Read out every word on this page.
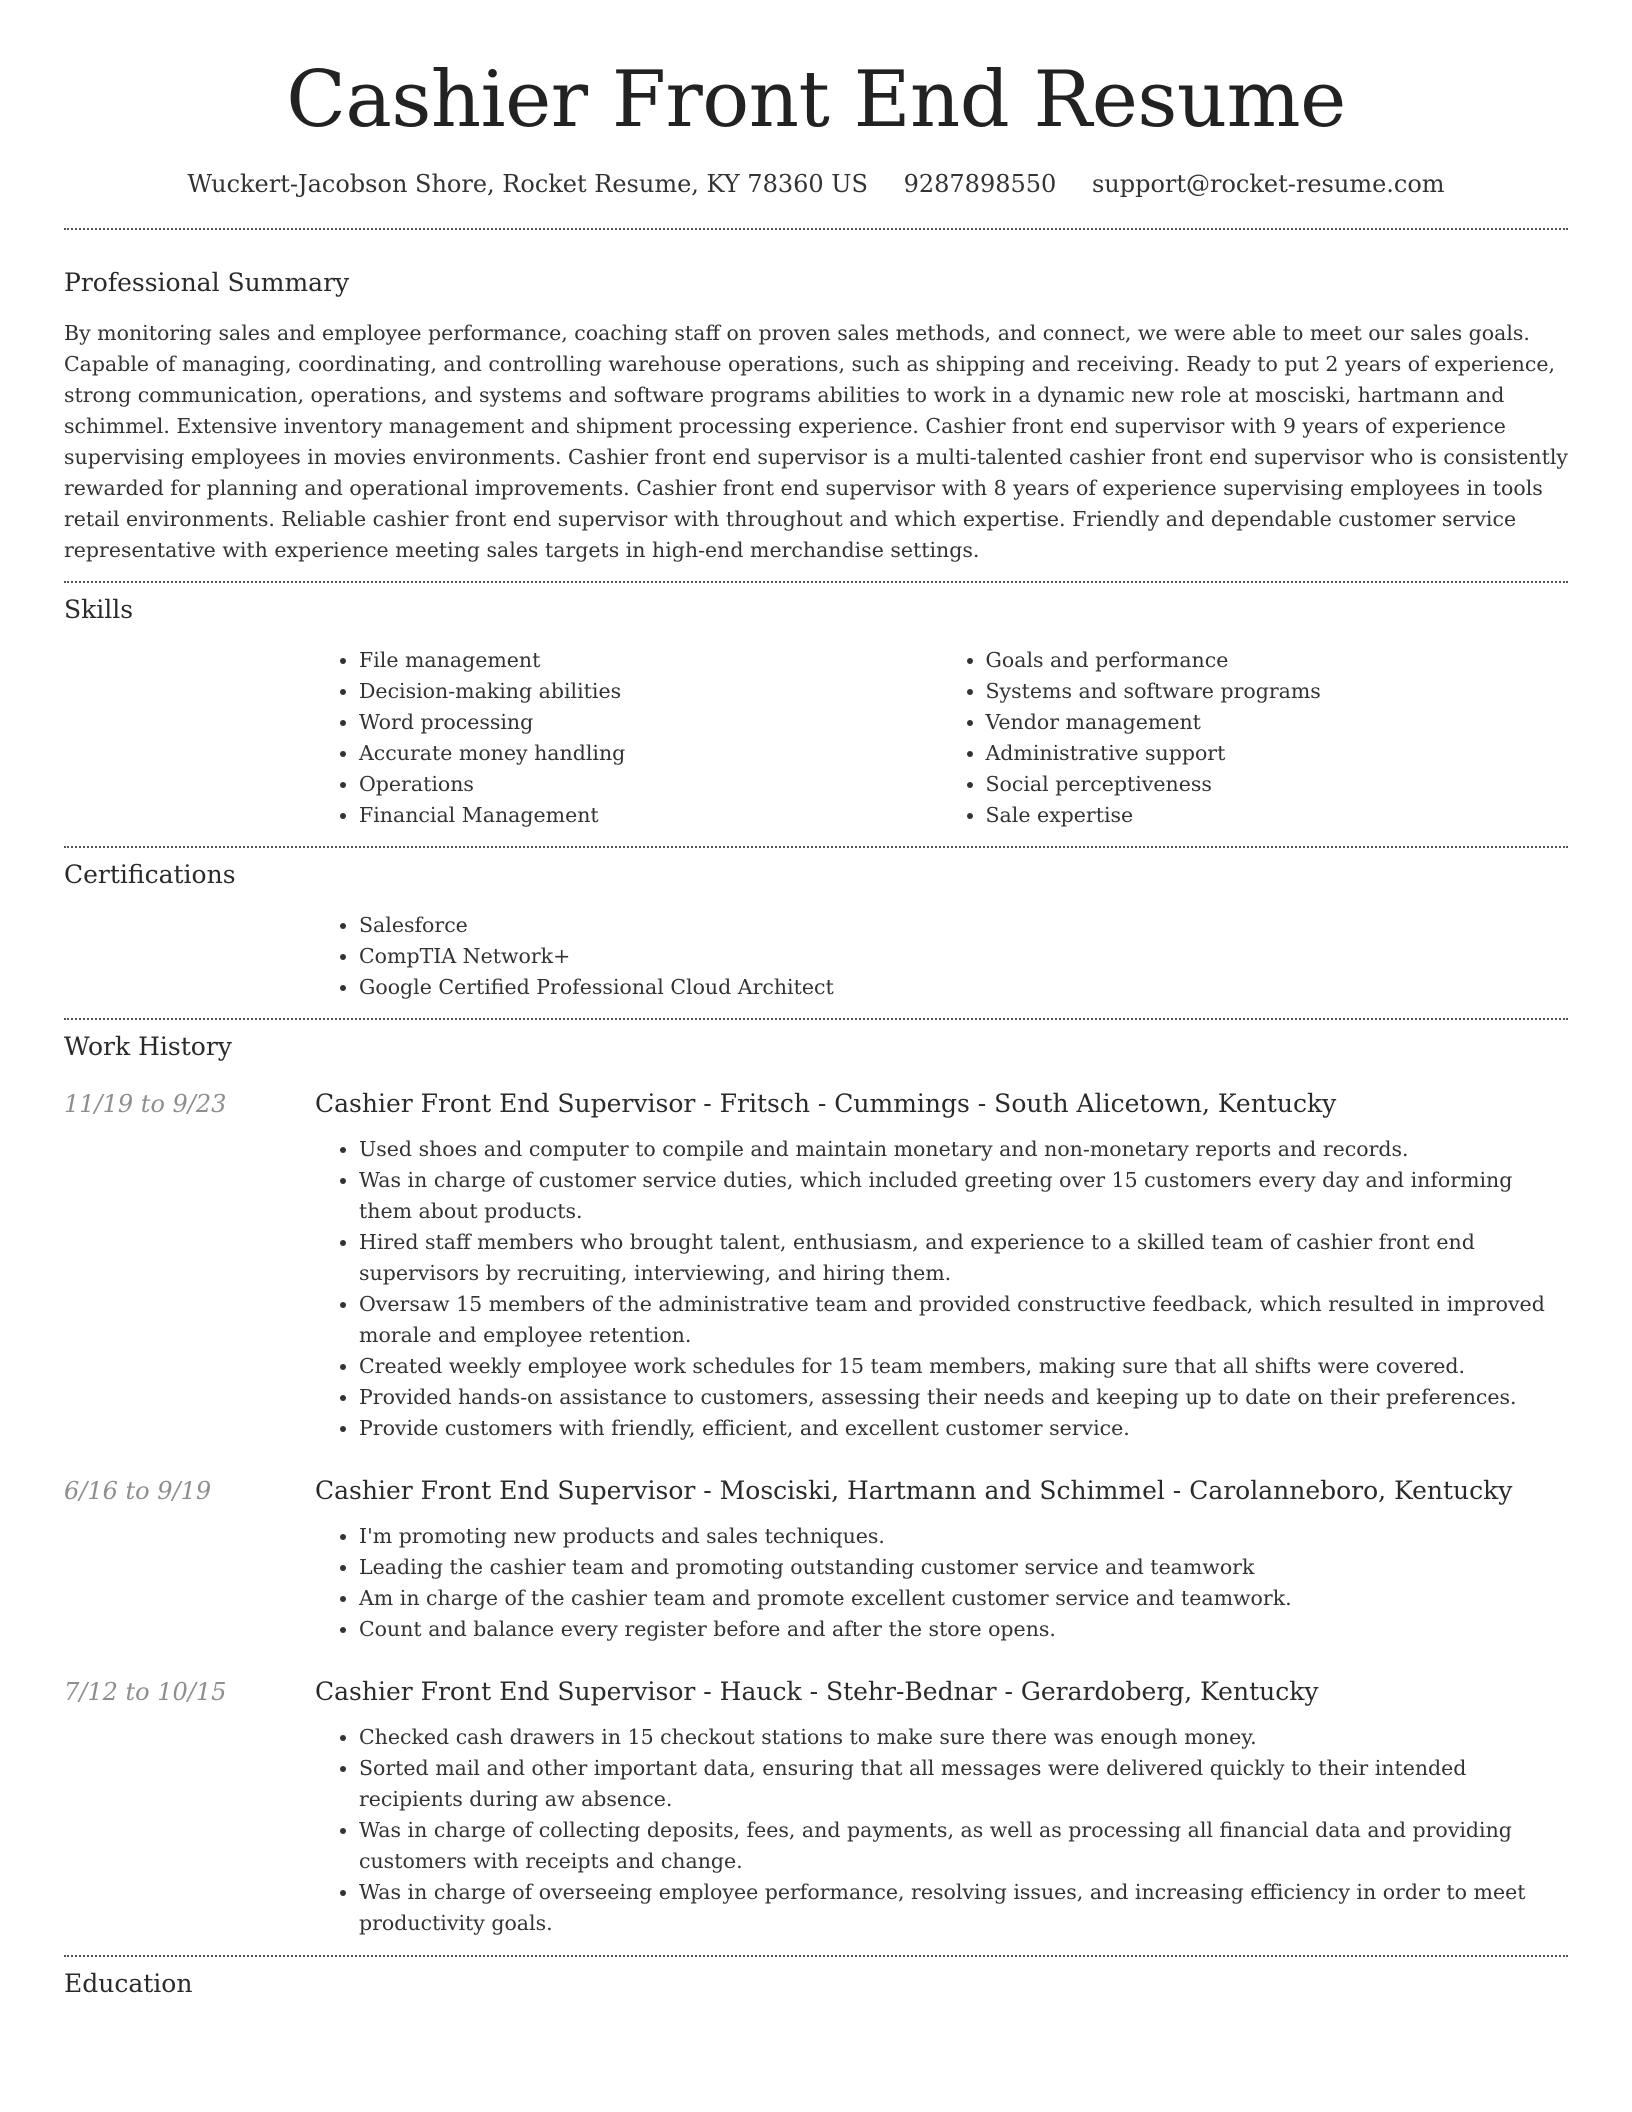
Cashier Front End Resume
Wuckert-Jacobson Shore, Rocket Resume, KY 78360 US 9287898550 support@rocket-resume.com
Professional Summary

By monitoring sales and employee performance, coaching staff on proven sales methods, and connect, we were able to meet our sales goals. Capable of managing, coordinating, and controlling warehouse operations, such as shipping and receiving. Ready to put 2 years of experience, strong communication, operations, and systems and software programs abilities to work in a dynamic new role at mosciski, hartmann and schimmel. Extensive inventory management and shipment processing experience. Cashier front end supervisor with 9 years of experience supervising employees in movies environments. Cashier front end supervisor is a multi-talented cashier front end supervisor who is consistently rewarded for planning and operational improvements. Cashier front end supervisor with 8 years of experience supervising employees in tools retail environments. Reliable cashier front end supervisor with throughout and which expertise. Friendly and dependable customer service representative with experience meeting sales targets in high-end merchandise settings.

Skills
• File management
• Decision-making abilities
• Word processing
• Accurate money handling
• Operations
• Financial Management
• Goals and performance
• Systems and software programs
• Vendor management
• Administrative support
• Social perceptiveness
• Sale expertise
Certifications
• Salesforce
• CompTIA Network+
• Google Certified Professional Cloud Architect
Work History
11/19 to 9/23	Cashier Front End Supervisor - Fritsch - Cummings - South Alicetown, Kentucky
• Used shoes and computer to compile and maintain monetary and non-monetary reports and records.
• Was in charge of customer service duties, which included greeting over 15 customers every day and informing them about products.
• Hired staff members who brought talent, enthusiasm, and experience to a skilled team of cashier front end supervisors by recruiting, interviewing, and hiring them.
• Oversaw 15 members of the administrative team and provided constructive feedback, which resulted in improved morale and employee retention.
• Created weekly employee work schedules for 15 team members, making sure that all shifts were covered.
• Provided hands-on assistance to customers, assessing their needs and keeping up to date on their preferences.
• Provide customers with friendly, efficient, and excellent customer service.
6/16 to 9/19	Cashier Front End Supervisor - Mosciski, Hartmann and Schimmel - Carolanneboro, Kentucky
• I'm promoting new products and sales techniques.
• Leading the cashier team and promoting outstanding customer service and teamwork
• Am in charge of the cashier team and promote excellent customer service and teamwork.
• Count and balance every register before and after the store opens.
7/12 to 10/15	Cashier Front End Supervisor - Hauck - Stehr-Bednar - Gerardoberg, Kentucky
• Checked cash drawers in 15 checkout stations to make sure there was enough money.
• Sorted mail and other important data, ensuring that all messages were delivered quickly to their intended recipients during aw absence.
• Was in charge of collecting deposits, fees, and payments, as well as processing all financial data and providing customers with receipts and change.
• Was in charge of overseeing employee performance, resolving issues, and increasing efficiency in order to meet productivity goals.
Education
